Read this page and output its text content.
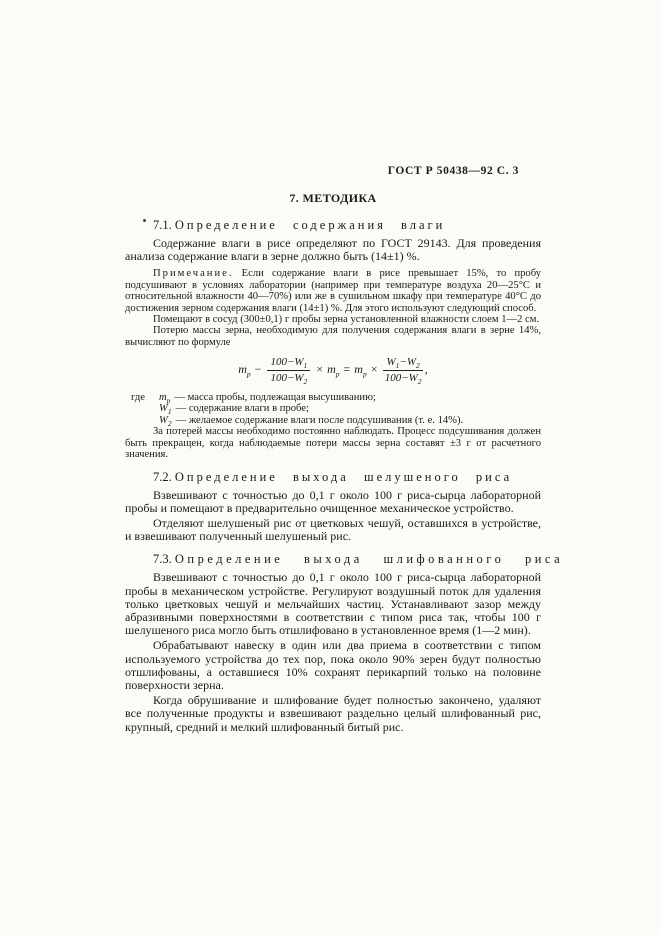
ГОСТ Р 50438—92 С. 3
7. МЕТОДИКА
7.1. Определение содержания влаги

Содержание влаги в рисе определяют по ГОСТ 29143. Для проведения анализа содержание влаги в зерне должно быть (14±1) %.

Примечание. Если содержание влаги в рисе превышает 15%, то пробу подсушивают в условиях лаборатории (например при температуре воздуха 20—25°С и относительной влажности 40—70%) или же в сушильном шкафу при температуре 40°С до достижения зерном содержания влаги (14±1) %. Для этого используют следующий способ.

Помещают в сосуд (300±0,1) г пробы зерна установленной влажности слоем 1—2 см.

Потерю массы зерна, необходимую для получения содержания влаги в зерне 14%, вычисляют по формуле

$m_р - \frac{100-W_1}{100-W_2} \times m_р = m_р \times \frac{W_1-W_2}{100-W_2}$ ,
где	$m_р$ — масса пробы, подлежащая высушиванию;
$W_1$ — содержание влаги в пробе;
$W_2$ — желаемое содержание влаги после подсушивания (т. е. 14%).

За потерей массы необходимо постоянно наблюдать. Процесс подсушивания должен быть прекращен, когда наблюдаемые потери массы зерна составят ±3 г от расчетного значения.

7.2. Определение выхода шелушеного риса

Взвешивают с точностью до 0,1 г около 100 г риса-сырца лабораторной пробы и помещают в предварительно очищенное механическое устройство.

Отделяют шелушеный рис от цветковых чешуй, оставшихся в устройстве, и взвешивают полученный шелушеный рис.

7.3. Определение выхода шлифованного риса

Взвешивают с точностью до 0,1 г около 100 г риса-сырца лабораторной пробы в механическом устройстве. Регулируют воздушный поток для удаления только цветковых чешуй и мельчайших частиц. Устанавливают зазор между абразивными поверхностями в соответствии с типом риса так, чтобы 100 г шелушеного риса могло быть отшлифовано в установленное время (1—2 мин).

Обрабатывают навеску в один или два приема в соответствии с типом используемого устройства до тех пор, пока около 90% зерен будут полностью отшлифованы, а оставшиеся 10% сохранят перикарпий только на половине поверхности зерна.

Когда обрушивание и шлифование будет полностью закончено, удаляют все полученные продукты и взвешивают раздельно целый шлифованный рис, крупный, средний и мелкий шлифованный битый рис.
